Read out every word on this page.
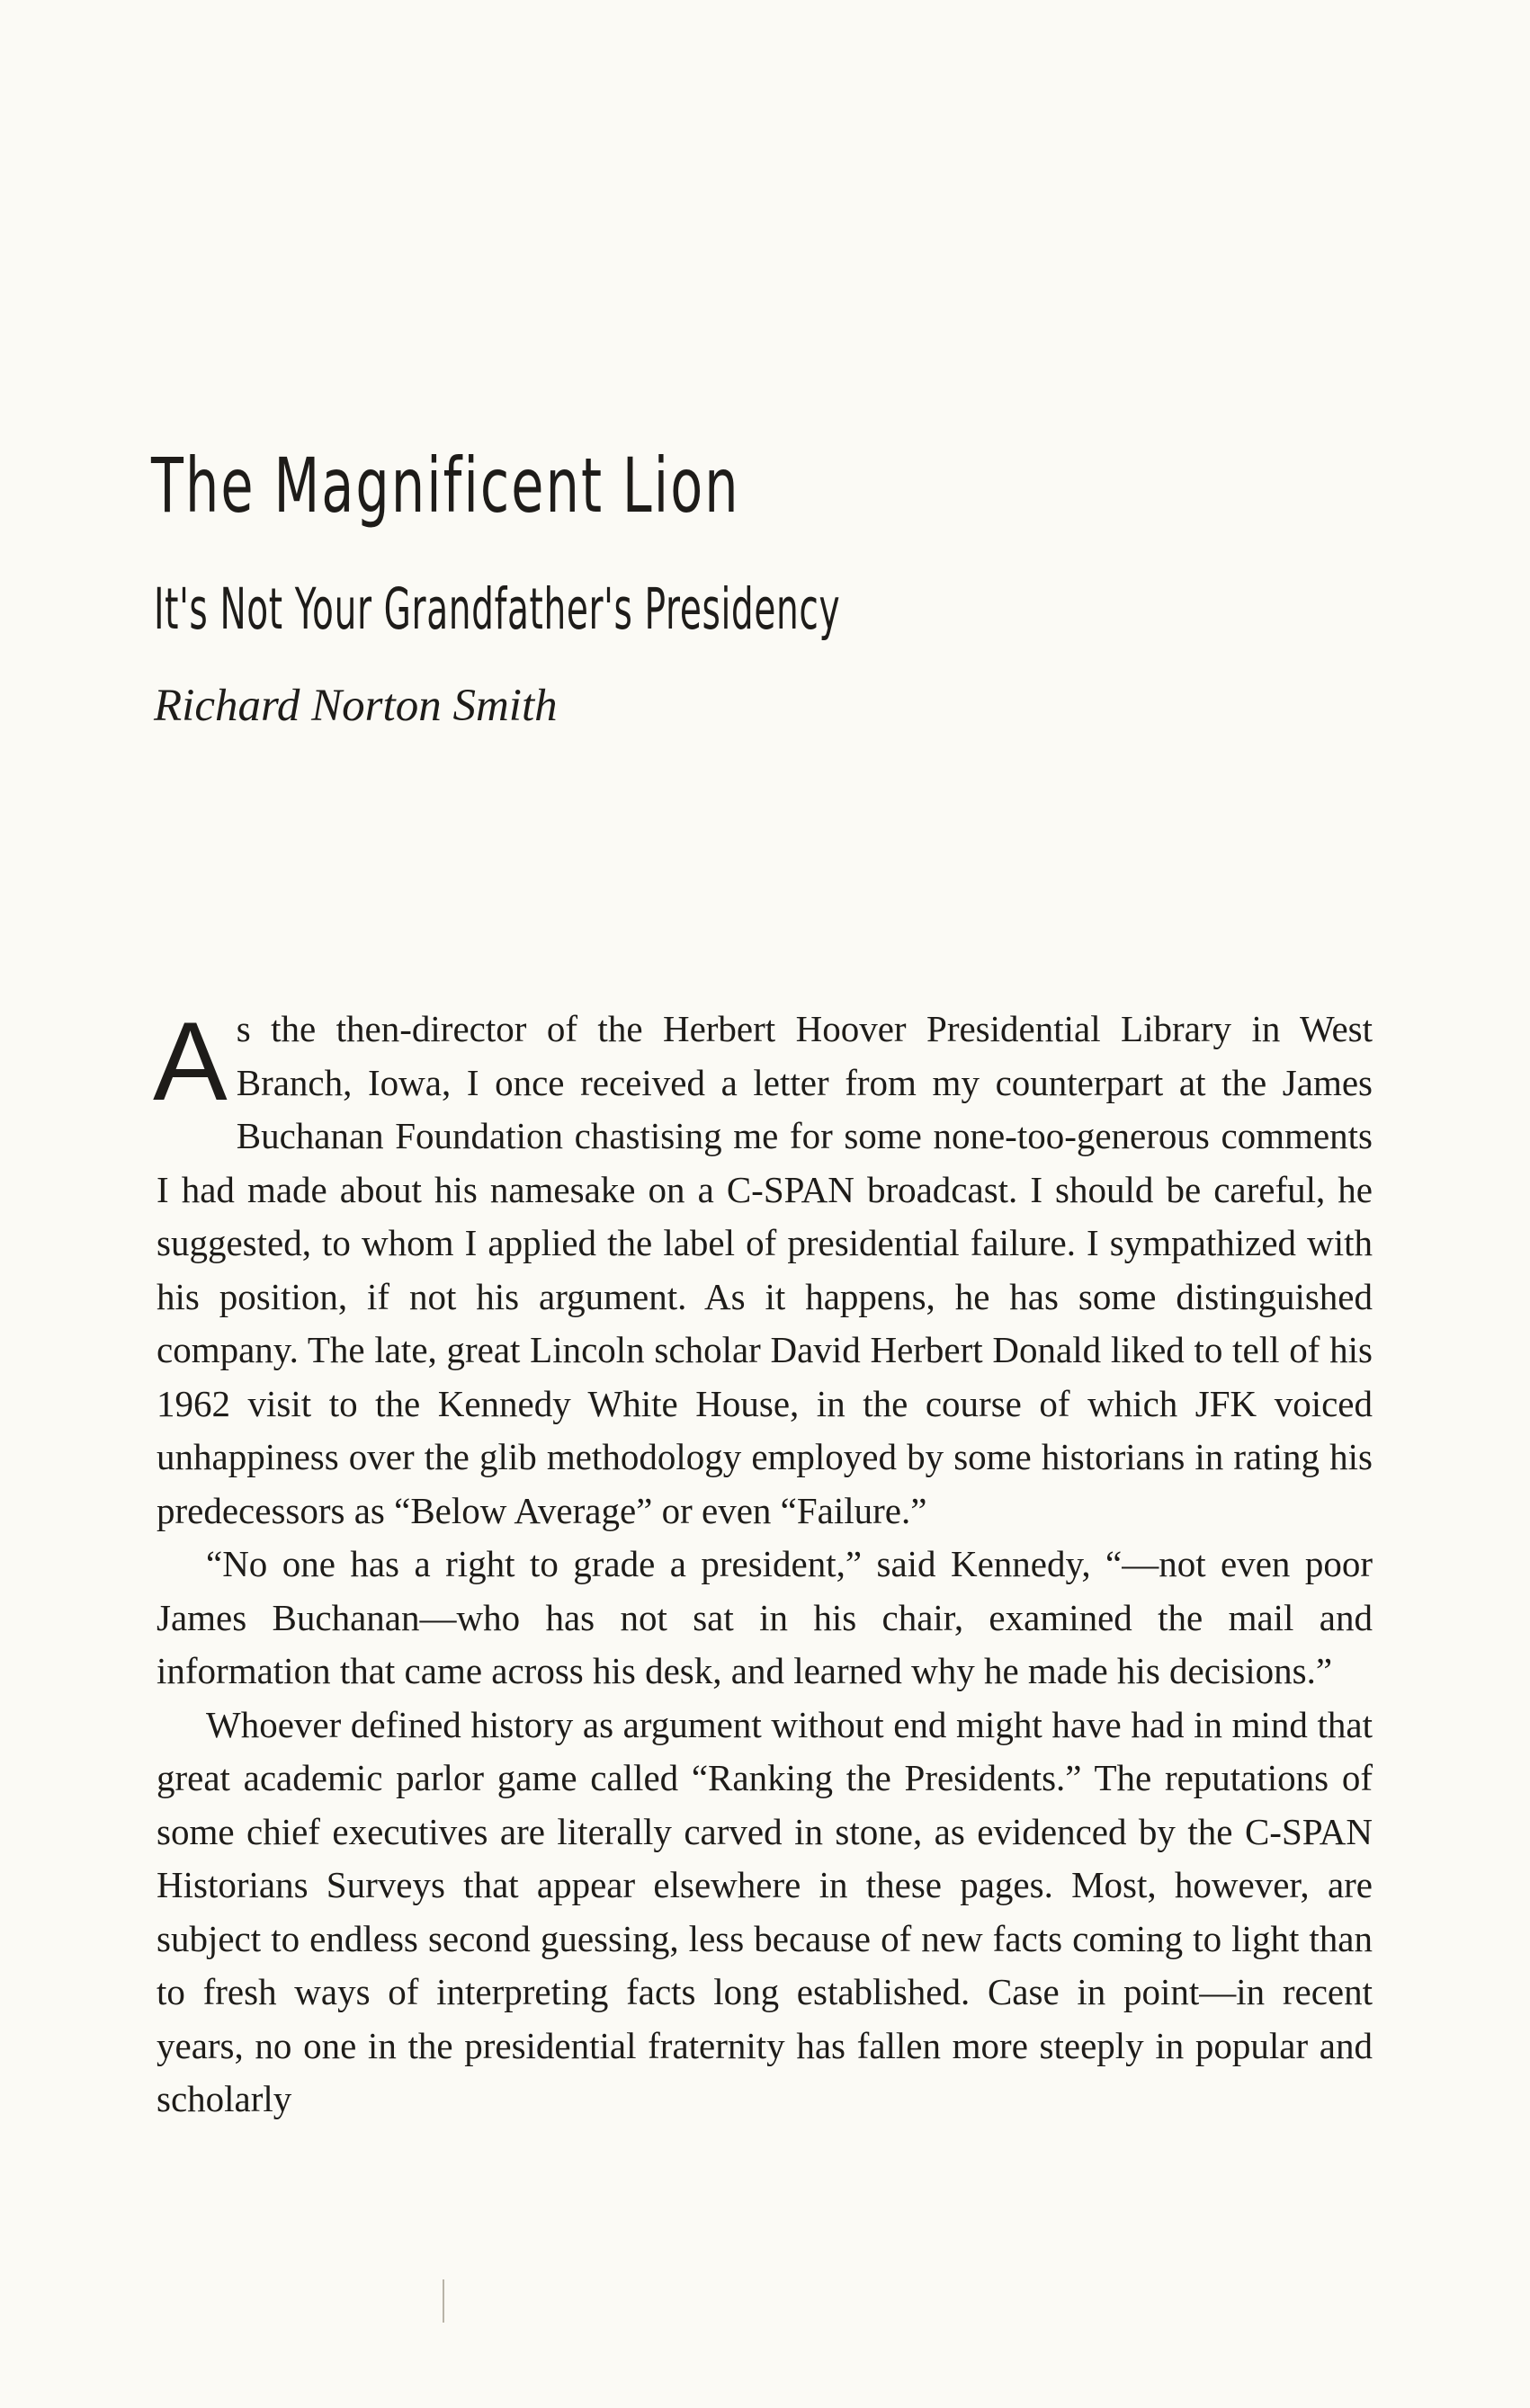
The Magnificent Lion
It's Not Your Grandfather's Presidency

Richard Norton Smith

As the then-director of the Herbert Hoover Presidential Library in West Branch, Iowa, I once received a letter from my counterpart at the James Buchanan Foundation chastising me for some none-too-generous comments I had made about his namesake on a C-SPAN broadcast. I should be careful, he suggested, to whom I applied the label of presidential failure. I sympathized with his position, if not his argument. As it happens, he has some distinguished company. The late, great Lincoln scholar David Herbert Donald liked to tell of his 1962 visit to the Kennedy White House, in the course of which JFK voiced unhappiness over the glib methodology employed by some historians in rating his predecessors as “Below Average” or even “Failure.”

“No one has a right to grade a president,” said Kennedy, “—not even poor James Buchanan—who has not sat in his chair, examined the mail and information that came across his desk, and learned why he made his decisions.”

Whoever defined history as argument without end might have had in mind that great academic parlor game called “Ranking the Presidents.” The reputations of some chief executives are literally carved in stone, as evidenced by the C-SPAN Historians Surveys that appear elsewhere in these pages. Most, however, are subject to endless second guessing, less because of new facts coming to light than to fresh ways of interpreting facts long established. Case in point—in recent years, no one in the presidential fraternity has fallen more steeply in popular and scholarly
